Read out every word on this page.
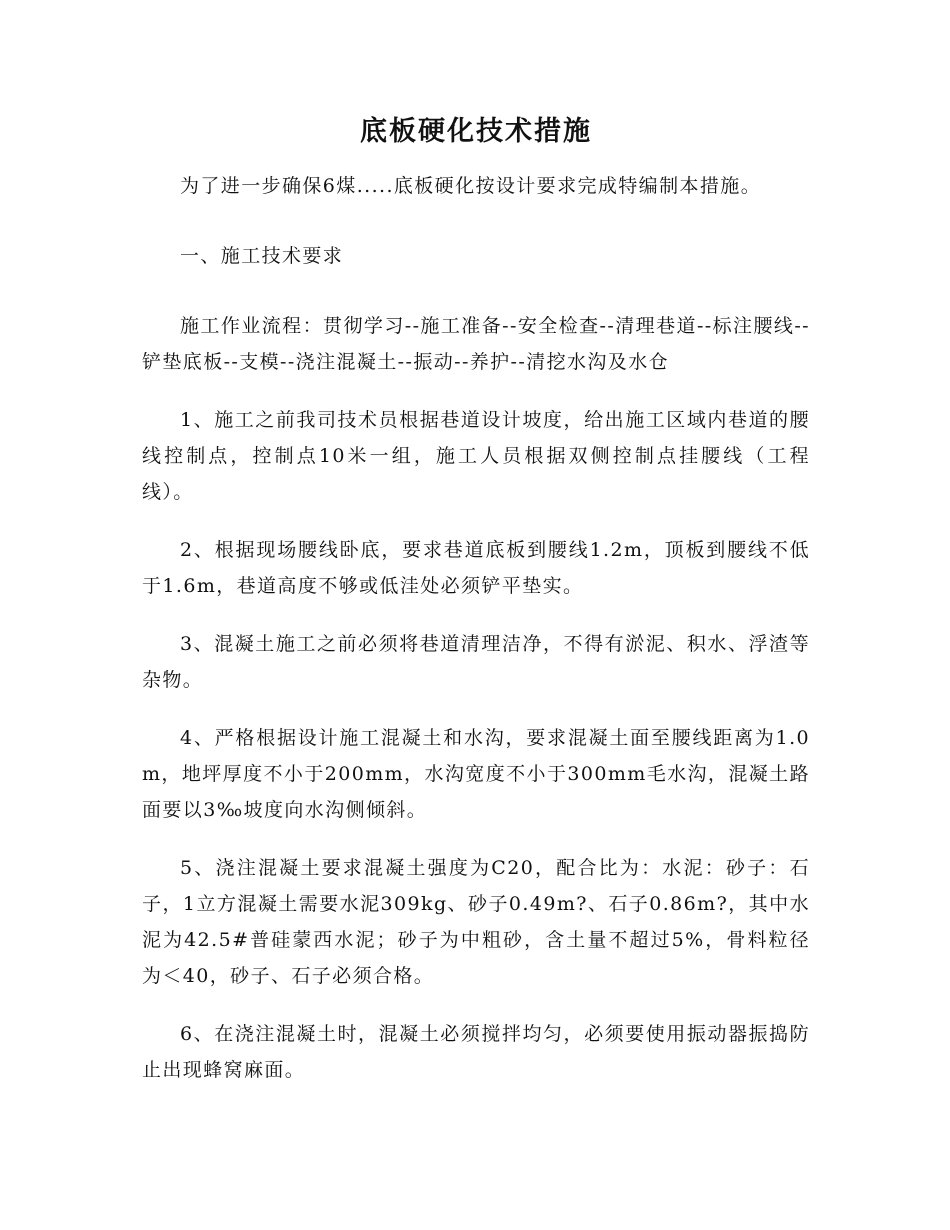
底板硬化技术措施

为了进一步确保6煤.....底板硬化按设计要求完成特编制本措施。

一、施工技术要求

施工作业流程：贯彻学习--施工准备--安全检查--清理巷道--标注腰线--铲垫底板--支模--浇注混凝土--振动--养护--清挖水沟及水仓

1、施工之前我司技术员根据巷道设计坡度，给出施工区域内巷道的腰线控制点，控制点10米一组，施工人员根据双侧控制点挂腰线（工程线）。

2、根据现场腰线卧底，要求巷道底板到腰线1.2m，顶板到腰线不低于1.6m，巷道高度不够或低洼处必须铲平垫实。

3、混凝土施工之前必须将巷道清理洁净，不得有淤泥、积水、浮渣等杂物。

4、严格根据设计施工混凝土和水沟，要求混凝土面至腰线距离为1.0m，地坪厚度不小于200mm，水沟宽度不小于300mm毛水沟，混凝土路面要以3‰坡度向水沟侧倾斜。

5、浇注混凝土要求混凝土强度为C20，配合比为：水泥：砂子：石子，1立方混凝土需要水泥309kg、砂子0.49m?、石子0.86m?，其中水泥为42.5#普硅蒙西水泥；砂子为中粗砂，含土量不超过5%，骨料粒径为＜40，砂子、石子必须合格。

6、在浇注混凝土时，混凝土必须搅拌均匀，必须要使用振动器振捣防止出现蜂窝麻面。
